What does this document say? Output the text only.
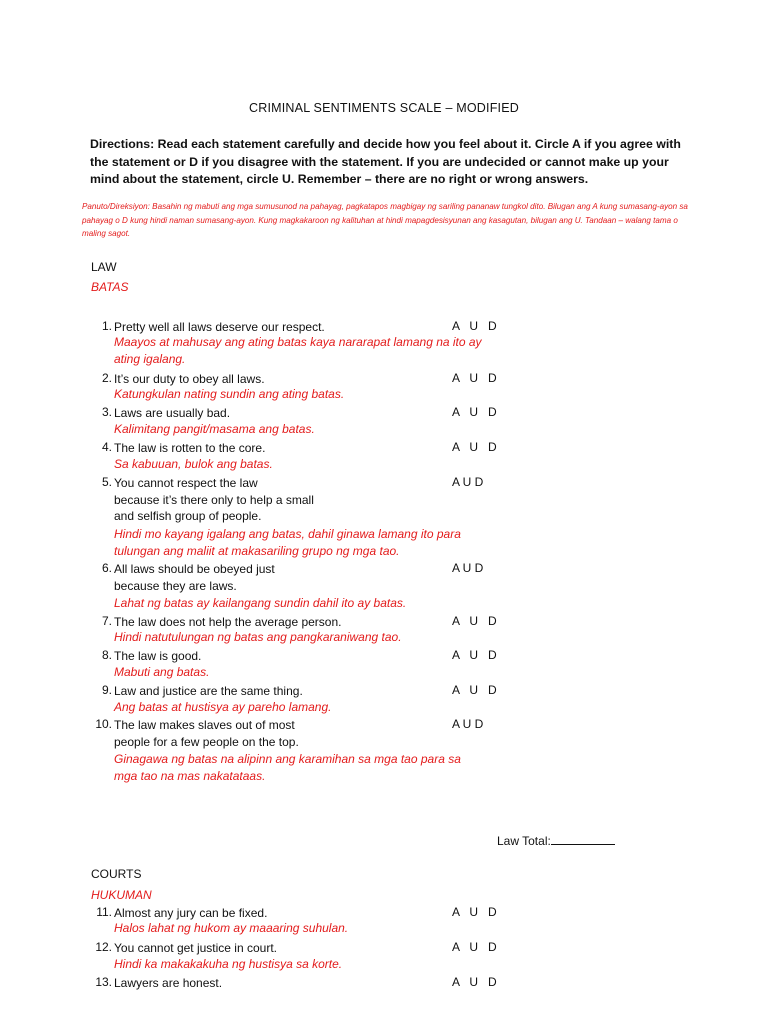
CRIMINAL SENTIMENTS SCALE – MODIFIED
Directions: Read each statement carefully and decide how you feel about it. Circle A if you agree with the statement or D if you disagree with the statement. If you are undecided or cannot make up your mind about the statement, circle U. Remember – there are no right or wrong answers.
Panuto/Direksiyon: Basahin ng mabuti ang mga sumusunod na pahayag, pagkatapos magbigay ng sariling pananaw tungkol dito. Bilugan ang A kung sumasang-ayon sa pahayag o D kung hindi naman sumasang-ayon. Kung magkakaroon ng kalituhan at hindi mapagdesisyunan ang kasagutan, bilugan ang U. Tandaan – walang tama o maling sagot.
LAW
BATAS
1. Pretty well all laws deserve our respect.
Maayos at mahusay ang ating batas kaya nararapat lamang na ito ay ating igalang.
A   U   D
2. It’s our duty to obey all laws.
Katungkulan nating sundin ang ating batas.
A   U   D
3. Laws are usually bad.
Kalimitang pangit/masama ang batas.
A   U   D
4. The law is rotten to the core.
Sa kabuuan, bulok ang batas.
A   U   D
5. You cannot respect the law
because it’s there only to help a small
and selfish group of people.
Hindi mo kayang igalang ang batas, dahil ginawa lamang ito para tulungan ang maliit at makasariling grupo ng mga tao.
A U D
6. All laws should be obeyed just
because they are laws.
Lahat ng batas ay kailangang sundin dahil ito ay batas.
A U D
7. The law does not help the average person.
Hindi natutulungan ng batas ang pangkaraniwang tao.
A   U   D
8. The law is good.
Mabuti ang batas.
A   U   D
9. Law and justice are the same thing.
Ang batas at hustisya ay pareho lamang.
A   U   D
10. The law makes slaves out of most
people for a few people on the top.
Ginagawa ng batas na alipinn ang karamihan sa mga tao para sa mga tao na mas nakatataas.
A U D
Law Total:
COURTS
HUKUMAN
11. Almost any jury can be fixed.
Halos lahat ng hukom ay maaaring suhulan.
A   U   D
12. You cannot get justice in court.
Hindi ka makakakuha ng hustisya sa korte.
A   U   D
13. Lawyers are honest.	A   U   D
